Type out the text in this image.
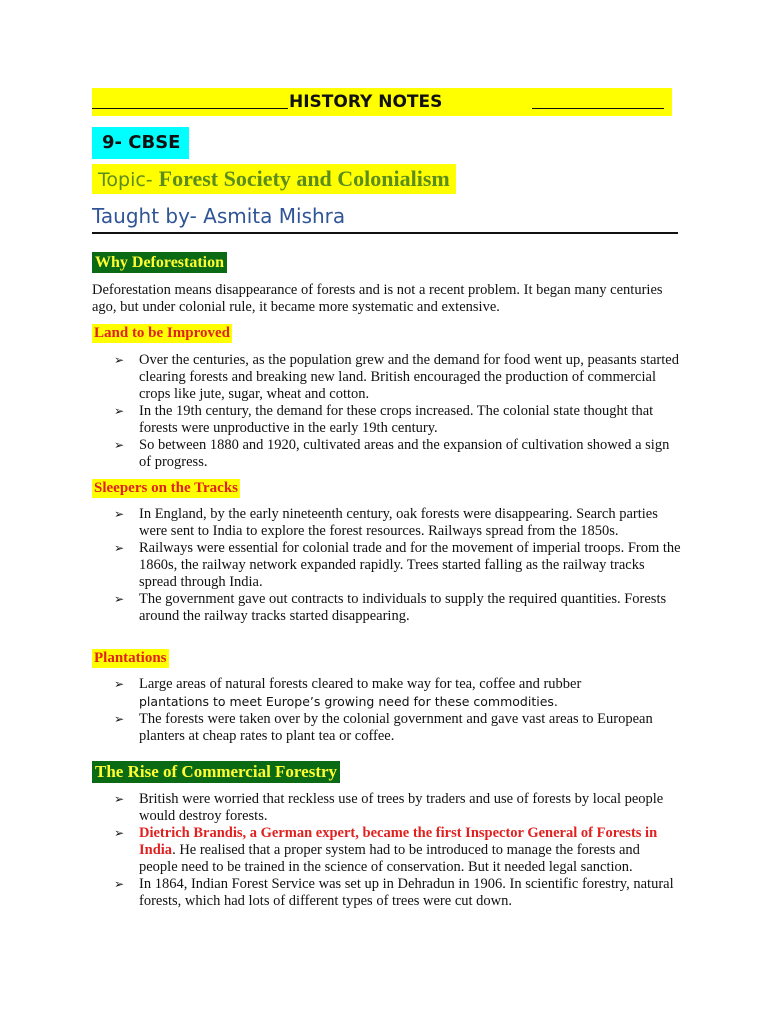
HISTORY NOTES
9- CBSE
Topic- Forest Society and Colonialism
Taught by- Asmita Mishra
Why Deforestation

Deforestation means disappearance of forests and is not a recent problem. It began many centuries ago, but under colonial rule, it became more systematic and extensive.

Land to be Improved
➢ Over the centuries, as the population grew and the demand for food went up, peasants started clearing forests and breaking new land. British encouraged the production of commercial crops like jute, sugar, wheat and cotton.
➢ In the 19th century, the demand for these crops increased. The colonial state thought that forests were unproductive in the early 19th century.
➢ So between 1880 and 1920, cultivated areas and the expansion of cultivation showed a sign of progress.
Sleepers on the Tracks
➢ In England, by the early nineteenth century, oak forests were disappearing. Search parties were sent to India to explore the forest resources. Railways spread from the 1850s.
➢ Railways were essential for colonial trade and for the movement of imperial troops. From the 1860s, the railway network expanded rapidly. Trees started falling as the railway tracks spread through India.
➢ The government gave out contracts to individuals to supply the required quantities. Forests around the railway tracks started disappearing.
Plantations
➢ Large areas of natural forests cleared to make way for tea, coffee and rubber
plantations to meet Europe’s growing need for these commodities.
➢ The forests were taken over by the colonial government and gave vast areas to European planters at cheap rates to plant tea or coffee.
The Rise of Commercial Forestry
➢ British were worried that reckless use of trees by traders and use of forests by local people would destroy forests.
➢ Dietrich Brandis, a German expert, became the first Inspector General of Forests in India. He realised that a proper system had to be introduced to manage the forests and people need to be trained in the science of conservation. But it needed legal sanction.
➢ In 1864, Indian Forest Service was set up in Dehradun in 1906. In scientific forestry, natural forests, which had lots of different types of trees were cut down.
